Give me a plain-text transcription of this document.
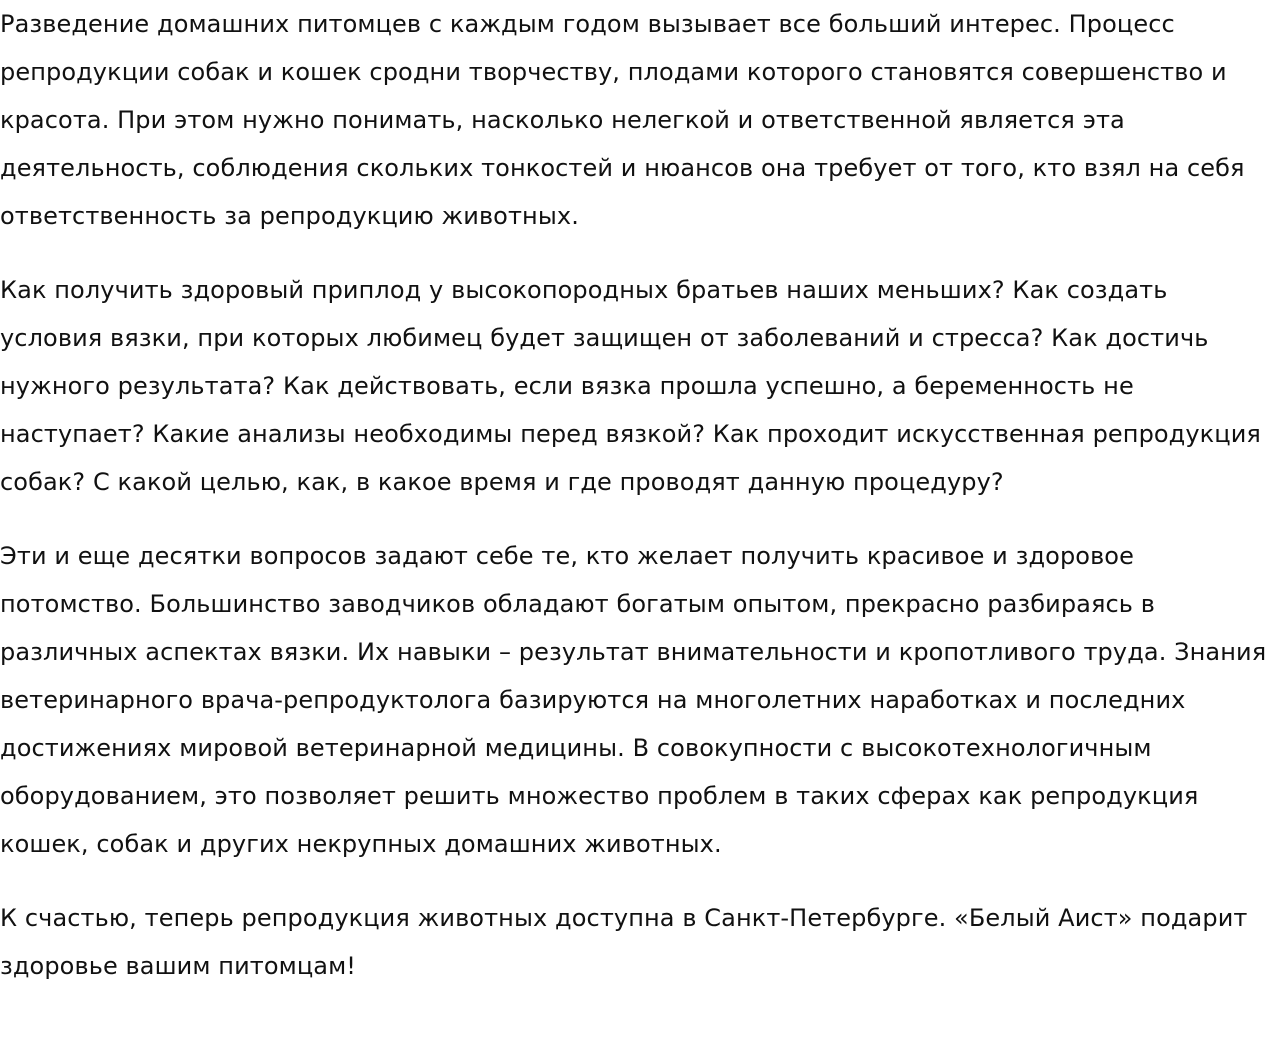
Разведение домашних питомцев с каждым годом вызывает все больший интерес. Процесс репродукции собак и кошек сродни творчеству, плодами которого становятся совершенство и красота. При этом нужно понимать, насколько нелегкой и ответственной является эта деятельность, соблюдения скольких тонкостей и нюансов она требует от того, кто взял на себя ответственность за репродукцию животных.

Как получить здоровый приплод у высокопородных братьев наших меньших? Как создать условия вязки, при которых любимец будет защищен от заболеваний и стресса? Как достичь нужного результата? Как действовать, если вязка прошла успешно, а беременность не наступает? Какие анализы необходимы перед вязкой? Как проходит искусственная репродукция собак? С какой целью, как, в какое время и где проводят данную процедуру?

Эти и еще десятки вопросов задают себе те, кто желает получить красивое и здоровое потомство. Большинство заводчиков обладают богатым опытом, прекрасно разбираясь в различных аспектах вязки. Их навыки – результат внимательности и кропотливого труда. Знания ветеринарного врача-репродуктолога базируются на многолетних наработках и последних достижениях мировой ветеринарной медицины. В совокупности с высокотехнологичным оборудованием, это позволяет решить множество проблем в таких сферах как репродукция кошек, собак и других некрупных домашних животных.

К счастью, теперь репродукция животных доступна в Санкт-Петербурге. «Белый Аист» подарит здоровье вашим питомцам!
